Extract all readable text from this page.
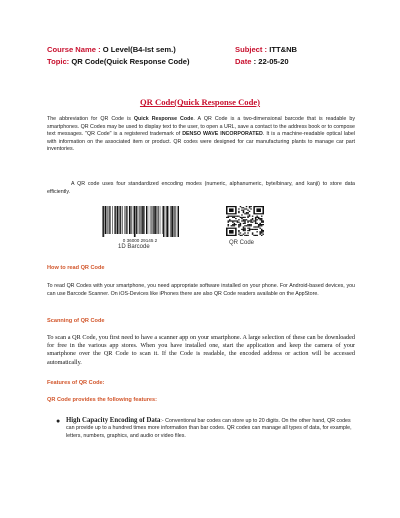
Course Name : O Level(B4-Ist sem.)
Topic: QR Code(Quick Response Code)
Subject : ITT&NB
Date : 22-05-20
QR Code(Quick Response Code)
The abbreviation for QR Code is Quick Response Code. A QR Code is a two-dimensional barcode that is readable by smartphones. QR Codes may be used to display text to the user, to open a URL, save a contact to the address book or to compose text messages. "QR Code" is a registered trademark of DENSO WAVE INCORPORATED. It is a machine-readable optical label with information on the associated item or product. QR codes were designed for car manufacturing plants to manage car part inventories.
A QR code uses four standardized encoding modes (numeric, alphanumeric, byte/binary, and kanji) to store data efficiently.
0 36000 29145 2
1D Barcode
QR Code
How to read QR Code
To read QR Codes with your smartphone, you need appropriate software installed on your phone. For Android-based devices, you can use Barcode Scanner. On iOS-Devices like iPhones there are also QR Code readers available on the AppStore.
Scanning of QR Code
To scan a QR Code, you first need to have a scanner app on your smartphone. A large selection of these can be downloaded for free in the various app stores. When you have installed one, start the application and keep the camera of your smartphone over the QR Code to scan it. If the Code is readable, the encoded address or action will be accessed automatically.
Features of QR Code:
QR Code provides the following features:
● High Capacity Encoding of Data:- Conventional bar codes can store up to 20 digits. On the other hand, QR codes can provide up to a hundred times more information than bar codes. QR codes can manage all types of data, for example, letters, numbers, graphics, and audio or video files.
